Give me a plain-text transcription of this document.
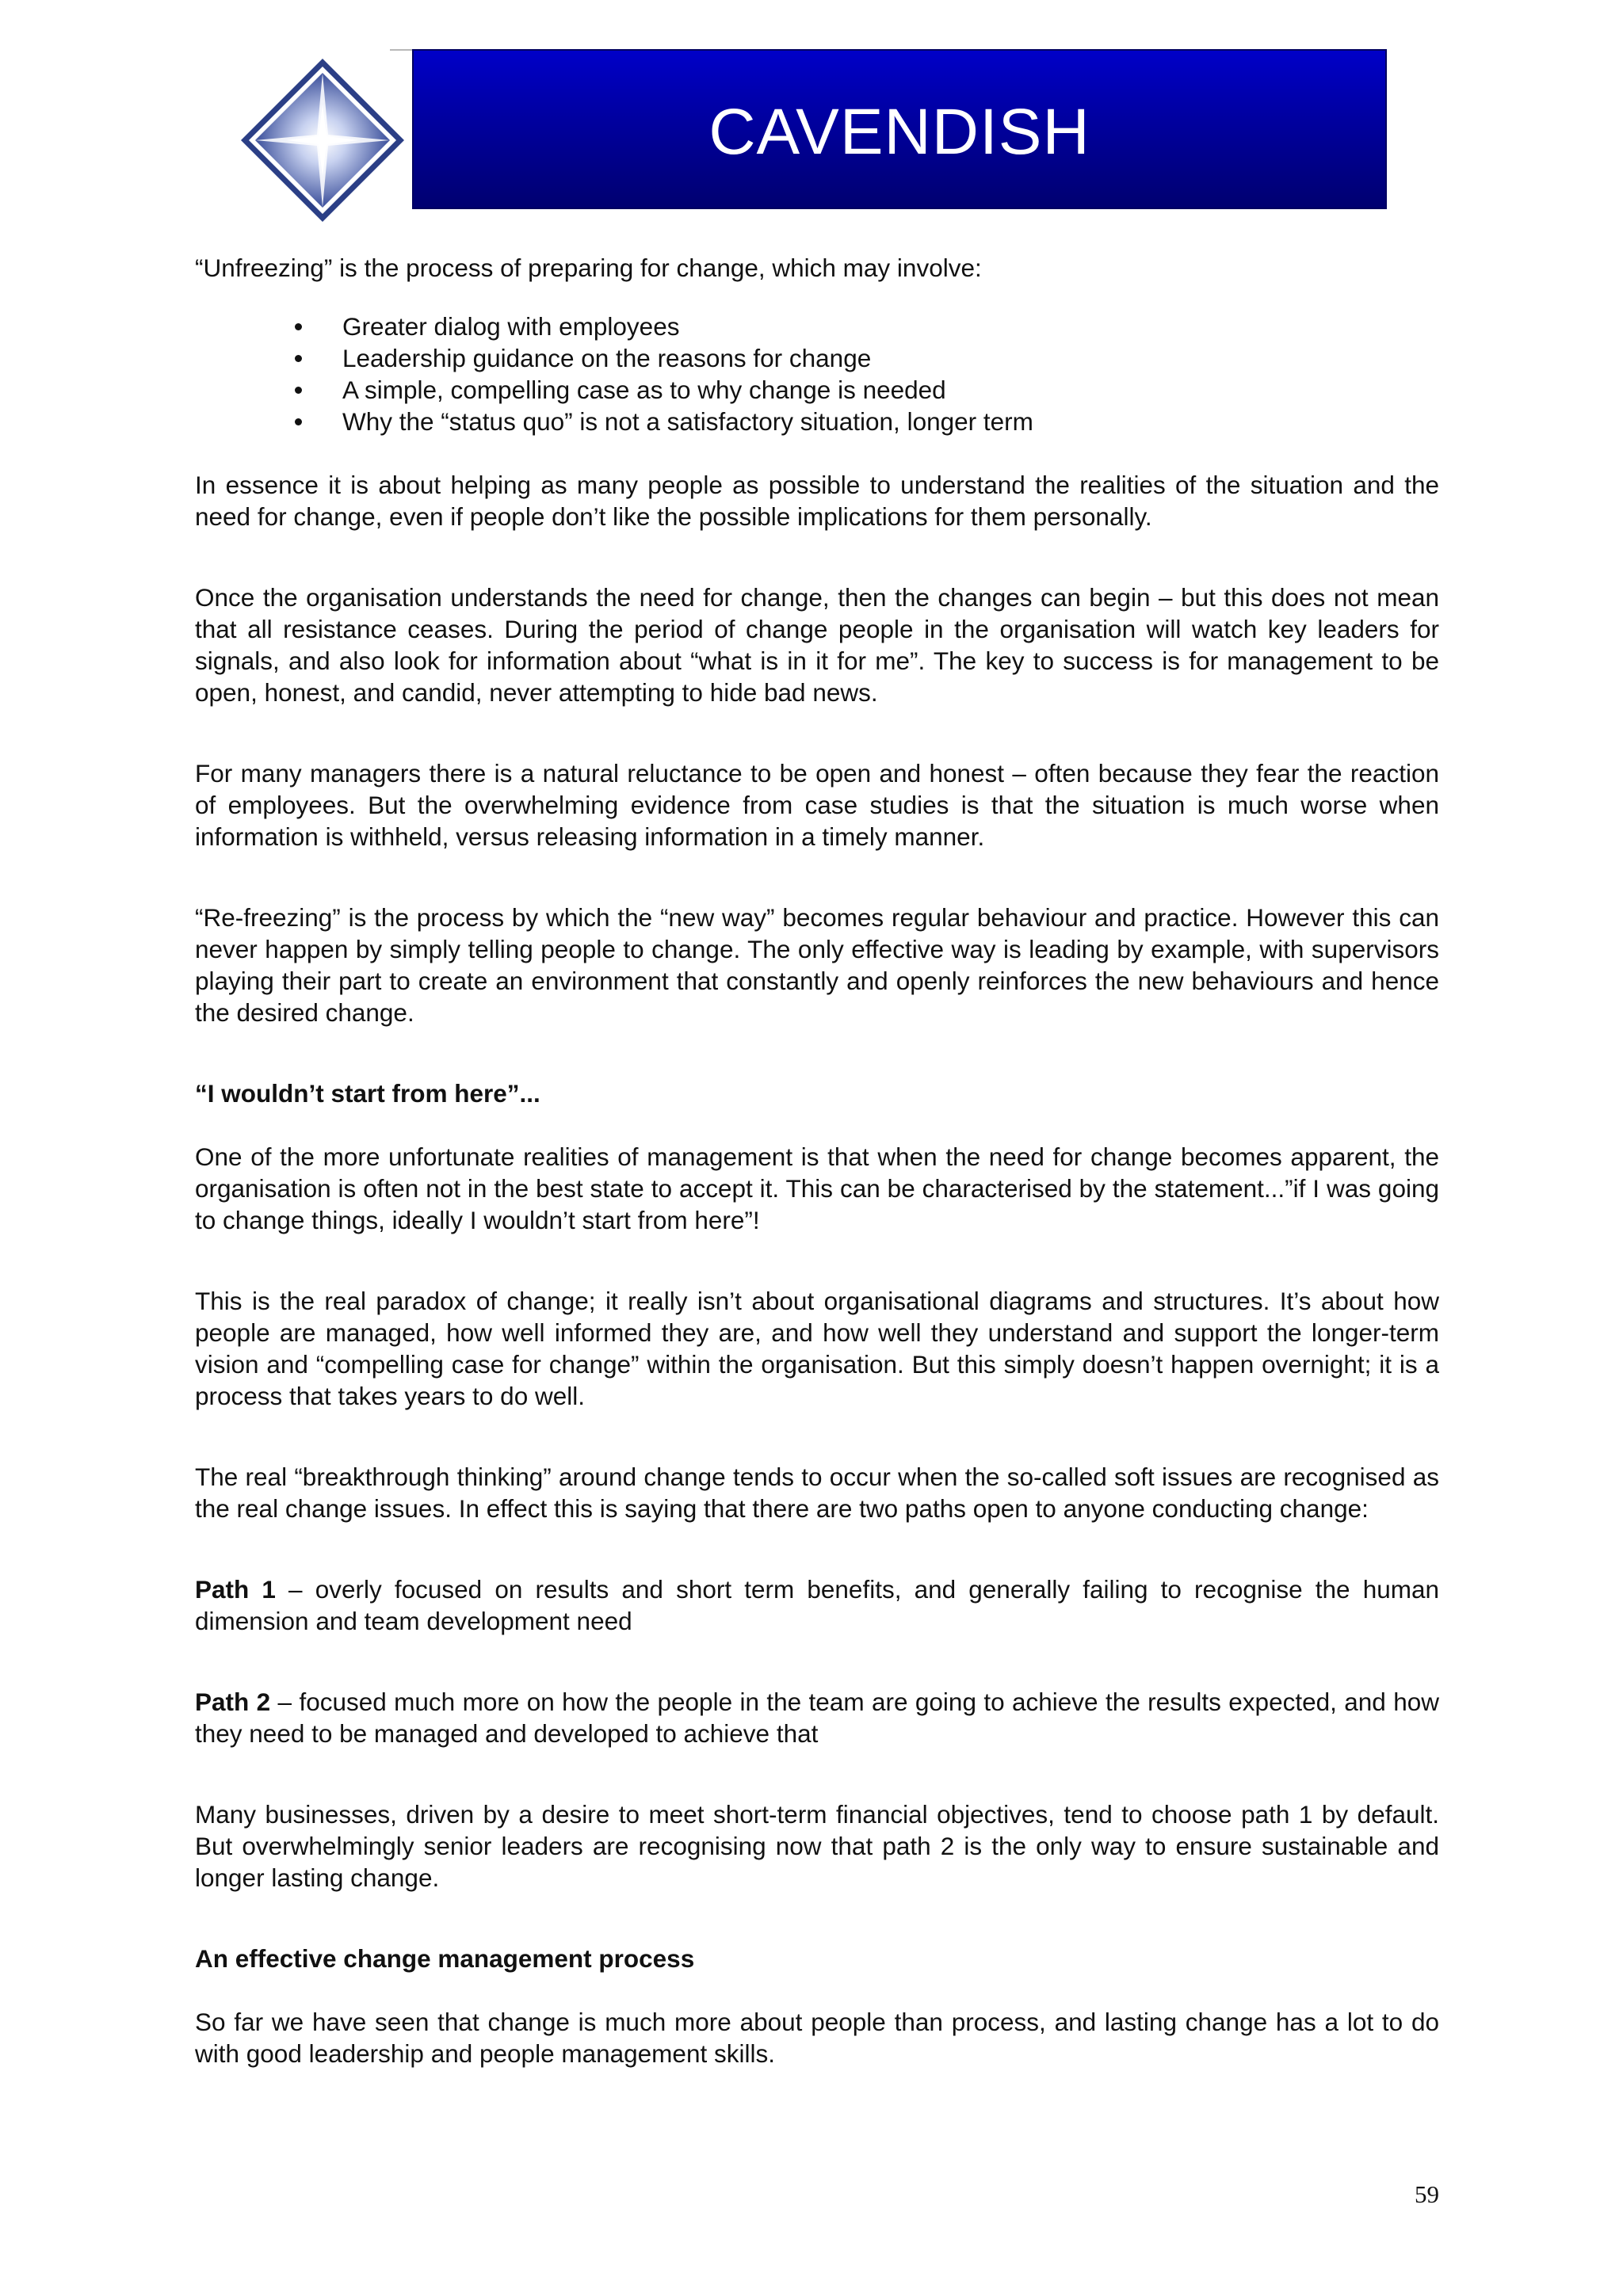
CAVENDISH

“Unfreezing” is the process of preparing for change, which may involve:

Greater dialog with employees
Leadership guidance on the reasons for change
A simple, compelling case as to why change is needed
Why the “status quo” is not a satisfactory situation, longer term

In essence it is about helping as many people as possible to understand the realities of the situation and the need for change, even if people don’t like the possible implications for them personally.

Once the organisation understands the need for change, then the changes can begin – but this does not mean that all resistance ceases. During the period of change people in the organisation will watch key leaders for signals, and also look for information about “what is in it for me”. The key to success is for management to be open, honest, and candid, never attempting to hide bad news.

For many managers there is a natural reluctance to be open and honest – often because they fear the reaction of employees. But the overwhelming evidence from case studies is that the situation is much worse when information is withheld, versus releasing information in a timely manner.

“Re-freezing” is the process by which the “new way” becomes regular behaviour and practice. However this can never happen by simply telling people to change. The only effective way is leading by example, with supervisors playing their part to create an environment that constantly and openly reinforces the new behaviours and hence the desired change.

“I wouldn’t start from here”...

One of the more unfortunate realities of management is that when the need for change becomes apparent, the organisation is often not in the best state to accept it. This can be characterised by the statement...”if I was going to change things, ideally I wouldn’t start from here”!

This is the real paradox of change; it really isn’t about organisational diagrams and structures. It’s about how people are managed, how well informed they are, and how well they understand and support the longer-term vision and “compelling case for change” within the organisation. But this simply doesn’t happen overnight; it is a process that takes years to do well.

The real “breakthrough thinking” around change tends to occur when the so-called soft issues are recognised as the real change issues. In effect this is saying that there are two paths open to anyone conducting change:

Path 1 – overly focused on results and short term benefits, and generally failing to recognise the human dimension and team development need

Path 2 – focused much more on how the people in the team are going to achieve the results expected, and how they need to be managed and developed to achieve that

Many businesses, driven by a desire to meet short-term financial objectives, tend to choose path 1 by default. But overwhelmingly senior leaders are recognising now that path 2 is the only way to ensure sustainable and longer lasting change.

An effective change management process

So far we have seen that change is much more about people than process, and lasting change has a lot to do with good leadership and people management skills.

59
